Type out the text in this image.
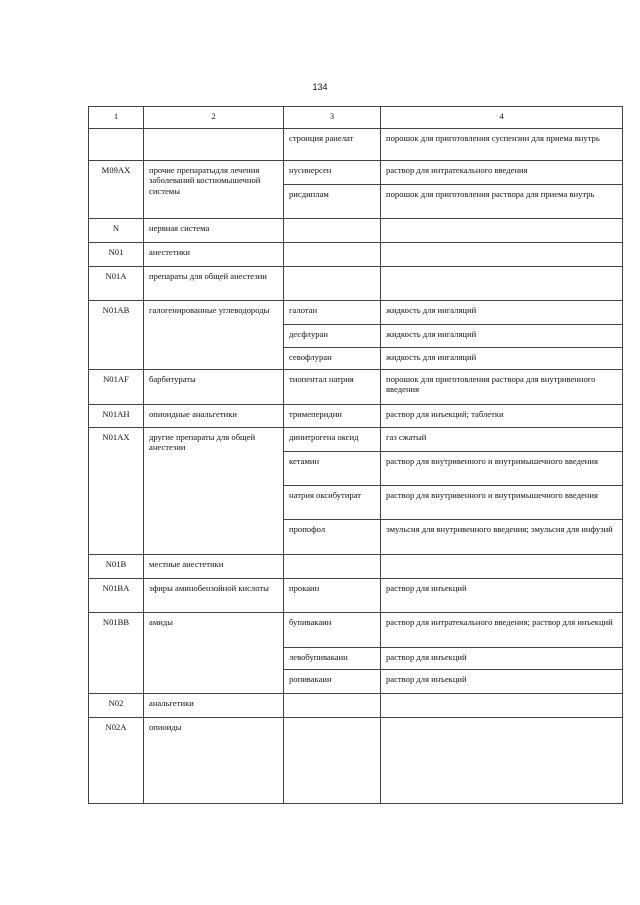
134
1	2	3	4
		стронция ранелат	порошок для приготовления суспензии для приема внутрь
M09AX	прочие препаратыдля лечения заболеваний костномышечной системы	нусинерсен	раствор для интратекального введения
		рисдиплам	порошок для приготовления раствора для приема внутрь
N	нервная система		
N01	анестетики		
N01A	препараты для общей анестезии		
N01AB	галогенированные углеводороды	галотан	жидкость для ингаляций
		десфлуран	жидкость для ингаляций
		севофлуран	жидкость для ингаляций
N01AF	барбитураты	тиопентал натрия	порошок для приготовления раствора для внутривенного введения
N01AH	опиоидные анальгетики	тримеперидин	раствор для инъекций; таблетки
N01AX	другие препараты для общей анестезии	динитрогена оксид	газ сжатый
		кетамин	раствор для внутривенного и внутримышечного введения
		натрия оксибутират	раствор для внутривенного и внутримышечного введения
		пропофол	эмульсия для внутривенного введения; эмульсия для инфузий
N01B	местные анестетики		
N01BA	эфиры аминобензойной кислоты	прокаин	раствор для инъекций
N01BB	амиды	бупивакаин	раствор для интратекального введения; раствор для инъекций
		левобупивакаин	раствор для инъекций
		ропивакаин	раствор для инъекций
N02	анальгетики		
N02A	опиоиды		
